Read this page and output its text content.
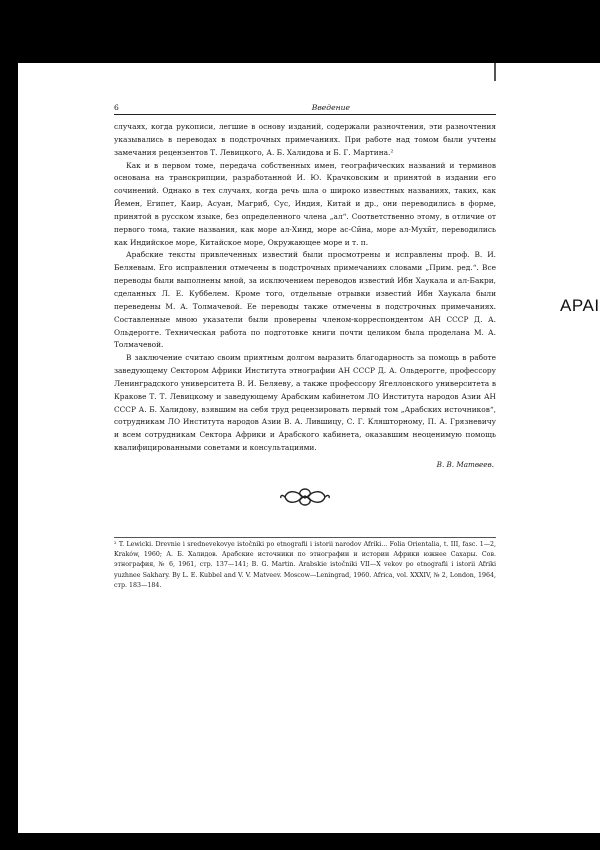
АРАІ
6	Введение

случаях, когда рукописи, легшие в основу изданий, содержали разночтения, эти разночтения указывались в переводах в подстрочных примечаниях. При работе над томом были учтены замечания рецензентов Т. Левицкого, А. Б. Халидова и Б. Г. Мартина.²

Как и в первом томе, передача собственных имен, географических названий и терминов основана на транскрипции, разработанной И. Ю. Крачковским и принятой в издании его сочинений. Однако в тех случаях, когда речь шла о широко известных названиях, таких, как Йемен, Египет, Каир, Асуан, Магриб, Сус, Индия, Китай и др., они переводились в форме, принятой в русском языке, без определенного члена „ал“. Соответственно этому, в отличие от первого тома, такие названия, как море ал-Хинд, море ас-Сӣна, море ал-Мухӣт, переводились как Индийское море, Китайское море, Окружающее море и т. п.

Арабские тексты привлеченных известий были просмотрены и исправлены проф. В. И. Беляевым. Его исправления отмечены в подстрочных примечаниях словами „Прим. ред.“. Все переводы были выполнены мной, за исключением переводов известий Ибн Хаукала и ал-Бакри, сделанных Л. Е. Куббелем. Кроме того, отдельные отрывки известий Ибн Хаукала были переведены М. А. Толмачевой. Ее переводы также отмечены в подстрочных примечаниях. Составленные мною указатели были проверены членом-корреспондентом АН СССР Д. А. Ольдерогге. Техническая работа по подготовке книги почти целиком была проделана М. А. Толмачевой.

В заключение считаю своим приятным долгом выразить благодарность за помощь в работе заведующему Сектором Африки Института этнографии АН СССР Д. А. Ольдерогге, профессору Ленинградского университета В. И. Беляеву, а также профессору Ягеллонского университета в Кракове Т. Т. Левицкому и заведующему Арабским кабинетом ЛО Института народов Азии АН СССР А. Б. Халидову, взявшим на себя труд рецензировать первый том „Арабских источников“, сотрудникам ЛО Института народов Азии В. А. Лившицу, С. Г. Кляшторному, П. А. Грязневичу и всем сотрудникам Сектора Африки и Арабского кабинета, оказавшим неоценимую помощь квалифицированными советами и консультациями.

В. В. Матвеев.

² T. Lewicki. Drevnie i srednevekovye istočniki po etnografii i istorii narodov Afriki... Folia Orientalia, t. III, fasc. 1—2, Kraków, 1960; А. Б. Халидов. Арабские источники по этнографии и истории Африки южнее Сахары. Сов. этнография, № 6, 1961, стр. 137—141; B. G. Martin. Arabskie istočniki VII—X vekov po etnografii i istorii Afriki yuzhnee Sakhary. By L. E. Kubbel and V. V. Matveev. Moscow—Leningrad, 1960. Africa, vol. XXXIV, № 2, London, 1964, стр. 183—184.
